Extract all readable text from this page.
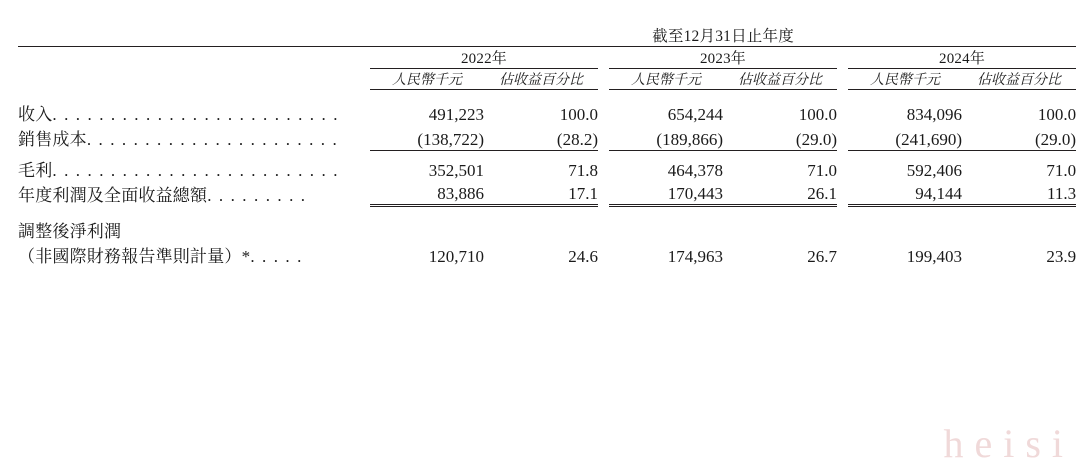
	截至12月31日止年度							
	2022年			2023年			2024年	

	人民幣千元	佔收益百分比		人民幣千元	佔收益百分比		人民幣千元	佔收益百分比

收入. . . . . . . . . . . . . . . . . . . . . . . . .	491,223	100.0		654,244	100.0		834,096	100.0
銷售成本. . . . . . . . . . . . . . . . . . . . . .	(138,722)	(28.2)		(189,866)	(29.0)		(241,690)	(29.0)

毛利. . . . . . . . . . . . . . . . . . . . . . . . .	352,501	71.8		464,378	71.0		592,406	71.0
年度利潤及全面收益總額. . . . . . . . .	83,886	17.1		170,443	26.1		94,144	11.3

調整後淨利潤								
（非國際財務報告準則計量）*. . . . .	120,710	24.6		174,963	26.7		199,403	23.9
heisi
